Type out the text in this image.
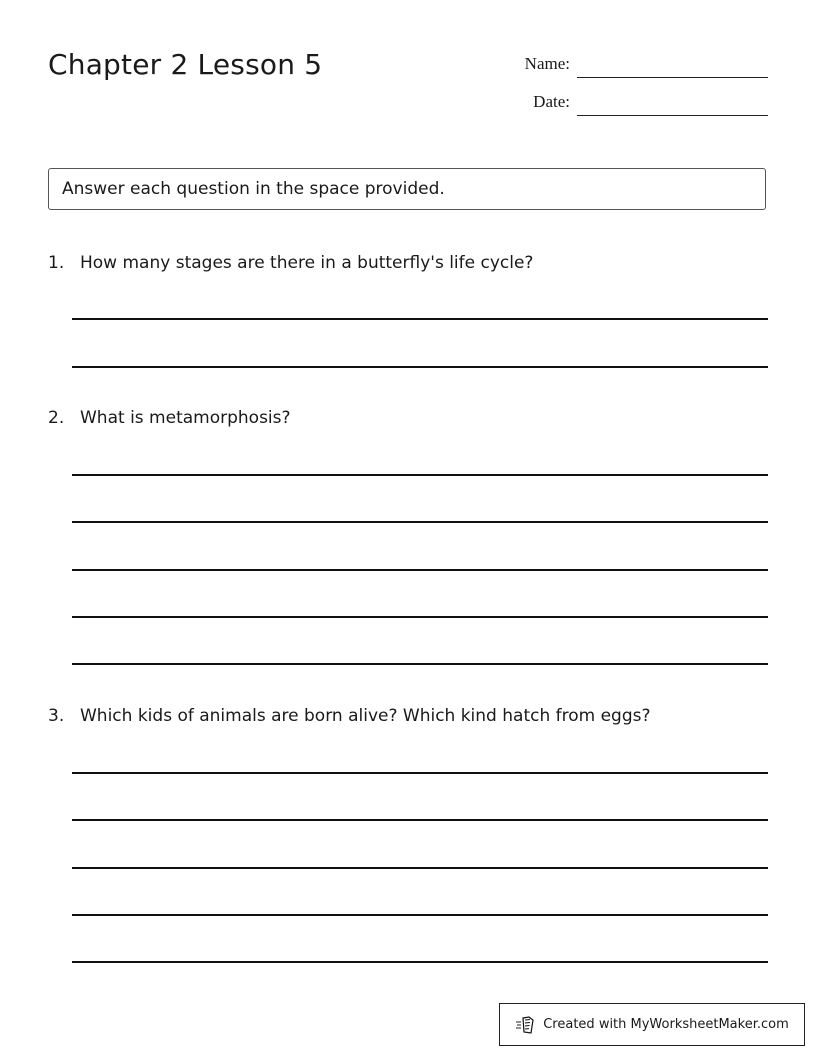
Chapter 2 Lesson 5	Name:
Date:
Answer each question in the space provided.
1. How many stages are there in a butterfly's life cycle?
2. What is metamorphosis?
3. Which kids of animals are born alive? Which kind hatch from eggs?
Created with MyWorksheetMaker.com
